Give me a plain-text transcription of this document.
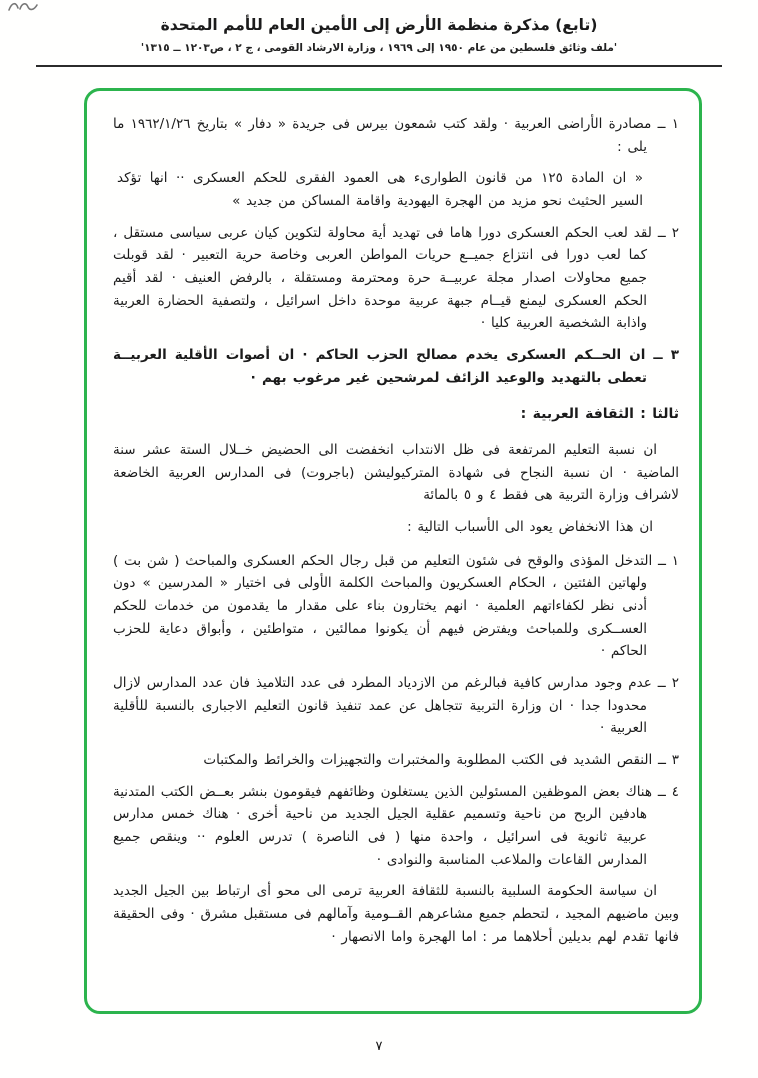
(تابع) مذكرة منظمة الأرض إلى الأمين العام للأمم المتحدة
'ملف وثائق فلسطين من عام ١٩٥٠ إلى ١٩٦٩ ، وزارة الارشاد القومى ، ج ٢ ، ص١٢٠٣ ــ ١٣١٥'

١ ــ مصادرة الأراضى العربية · ولقد كتب شمعون بيرس فى جريدة « دفار » بتاريخ ١٩٦٢/١/٢٦ ما يلى :

« ان المادة ١٢٥ من قانون الطوارىء هى العمود الفقرى للحكم العسكرى ·· انها تؤكد السير الحثيث نحو مزيد من الهجرة اليهودية واقامة المساكن من جديد »

٢ ــ لقد لعب الحكم العسكرى دورا هاما فى تهديد أية محاولة لتكوين كيان عربى سياسى مستقل ، كما لعب دورا فى انتزاع جميــع حريات المواطن العربى وخاصة حرية التعبير · لقد قوبلت جميع محاولات اصدار مجلة عربيــة حرة ومحترمة ومستقلة ، بالرفض العنيف · لقد أقيم الحكم العسكرى ليمنع قيــام جبهة عربية موحدة داخل اسرائيل ، ولتصفية الحضارة العربية واذابة الشخصية العربية كليا ·

٣ ــ ان الحــكم العسكرى يخدم مصالح الحزب الحاكم · ان أصوات الأقلية العربيــة تعطى بالتهديد والوعيد الزائف لمرشحين غير مرغوب بهم ·

ثالثا : الثقافة العربية :

ان نسبة التعليم المرتفعة فى ظل الانتداب انخفضت الى الحضيض خــلال الستة عشر سنة الماضية · ان نسبة النجاح فى شهادة المتركيوليشن (باجروت) فى المدارس العربية الخاضعة لاشراف وزارة التربية هى فقط ٤ و ٥ بالمائة

ان هذا الانخفاض يعود الى الأسباب التالية :

١ ــ التدخل المؤذى والوقح فى شئون التعليم من قبل رجال الحكم العسكرى والمباحث ( شن بت ) ولهاتين الفئتين ، الحكام العسكريون والمباحث الكلمة الأولى فى اختيار « المدرسين » دون أدنى نظر لكفاءاتهم العلمية · انهم يختارون بناء على مقدار ما يقدمون من خدمات للحكم العســكرى وللمباحث ويفترض فيهم أن يكونوا ممالئين ، متواطئين ، وأبواق دعاية للحزب الحاكم ·

٢ ــ عدم وجود مدارس كافية فبالرغم من الازدياد المطرد فى عدد التلاميذ فان عدد المدارس لازال محدودا جدا · ان وزارة التربية تتجاهل عن عمد تنفيذ قانون التعليم الاجبارى بالنسبة للأقلية العربية ·

٣ ــ النقص الشديد فى الكتب المطلوبة والمختبرات والتجهيزات والخرائط والمكتبات

٤ ــ هناك بعض الموظفين المسئولين الذين يستغلون وظائفهم فيقومون بنشر بعــض الكتب المتدنية هادفين الربح من ناحية وتسميم عقلية الجيل الجديد من ناحية أخرى · هناك خمس مدارس عربية ثانوية فى اسرائيل ، واحدة منها ( فى الناصرة ) تدرس العلوم ·· وينقص جميع المدارس القاعات والملاعب المناسبة والنوادى ·

ان سياسة الحكومة السلبية بالنسبة للثقافة العربية ترمى الى محو أى ارتباط بين الجيل الجديد وبين ماضيهم المجيد ، لتحطم جميع مشاعرهم القــومية وآمالهم فى مستقبل مشرق · وفى الحقيقة فانها تقدم لهم بديلين أحلاهما مر : اما الهجرة واما الانصهار ·

٧
